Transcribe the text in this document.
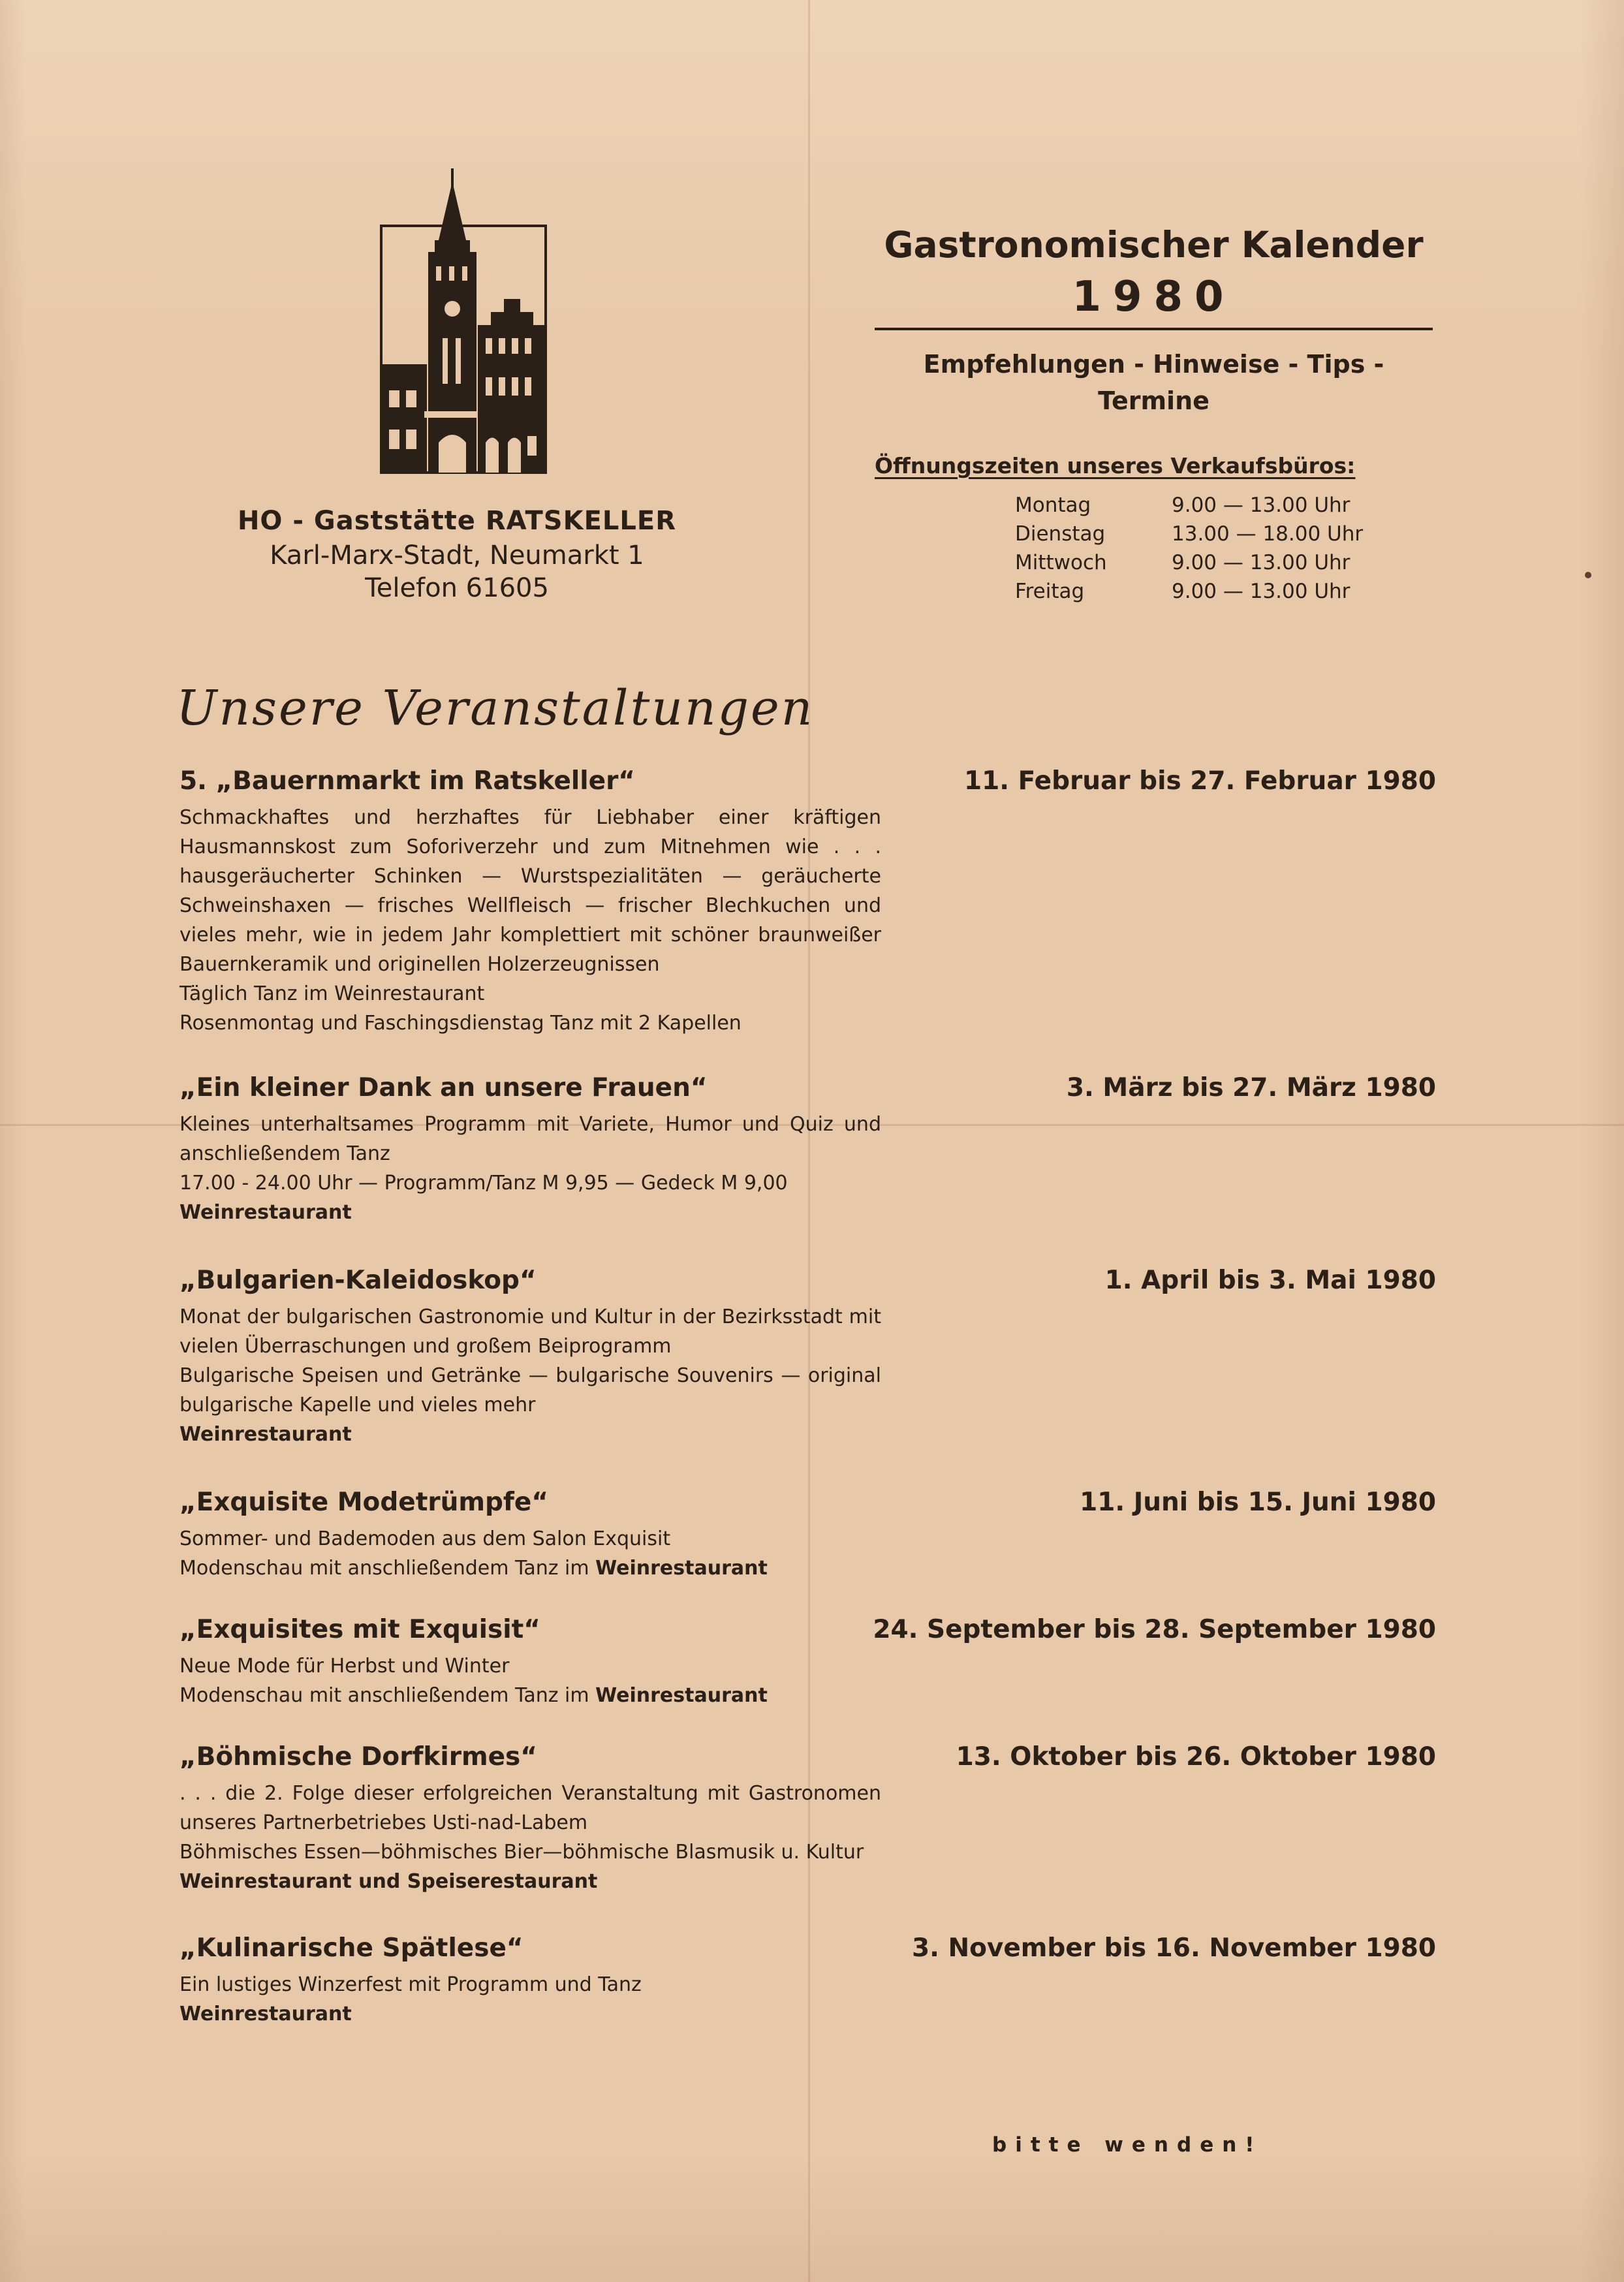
HO - Gaststätte RATSKELLER
Karl-Marx-Stadt, Neumarkt 1
Telefon 61605
Gastronomischer Kalender
1980
Empfehlungen - Hinweise - Tips - Termine
Öffnungszeiten unseres Verkaufsbüros:
Montag	9.00 — 13.00 Uhr
Dienstag	13.00 — 18.00 Uhr
Mittwoch	9.00 — 13.00 Uhr
Freitag	9.00 — 13.00 Uhr
Unsere Veranstaltungen
5. „Bauernmarkt im Ratskeller“	11. Februar bis 27. Februar 1980

Schmackhaftes und herzhaftes für Liebhaber einer kräftigen Hausmannskost zum Soforiverzehr und zum Mitnehmen wie . . . hausgeräucherter Schinken — Wurstspezialitäten — geräucherte Schweinshaxen — frisches Wellfleisch — frischer Blechkuchen und vieles mehr, wie in jedem Jahr komplettiert mit schöner braunweißer Bauernkeramik und originellen Holzerzeugnissen

Täglich Tanz im Weinrestaurant

Rosenmontag und Faschingsdienstag Tanz mit 2 Kapellen

„Ein kleiner Dank an unsere Frauen“	3. März bis 27. März 1980

Kleines unterhaltsames Programm mit Variete, Humor und Quiz und anschließendem Tanz

17.00 - 24.00 Uhr — Programm/Tanz M 9,95 — Gedeck M 9,00

Weinrestaurant

„Bulgarien-Kaleidoskop“	1. April bis 3. Mai 1980

Monat der bulgarischen Gastronomie und Kultur in der Bezirksstadt mit vielen Überraschungen und großem Beiprogramm

Bulgarische Speisen und Getränke — bulgarische Souvenirs — original bulgarische Kapelle und vieles mehr

Weinrestaurant

„Exquisite Modetrümpfe“	11. Juni bis 15. Juni 1980

Sommer- und Bademoden aus dem Salon Exquisit

Modenschau mit anschließendem Tanz im Weinrestaurant

„Exquisites mit Exquisit“	24. September bis 28. September 1980

Neue Mode für Herbst und Winter

Modenschau mit anschließendem Tanz im Weinrestaurant

„Böhmische Dorfkirmes“	13. Oktober bis 26. Oktober 1980

. . . die 2. Folge dieser erfolgreichen Veranstaltung mit Gastronomen unseres Partnerbetriebes Usti-nad-Labem

Böhmisches Essen—böhmisches Bier—böhmische Blasmusik u. Kultur

Weinrestaurant und Speiserestaurant

„Kulinarische Spätlese“	3. November bis 16. November 1980

Ein lustiges Winzerfest mit Programm und Tanz

Weinrestaurant

bitte wenden!
